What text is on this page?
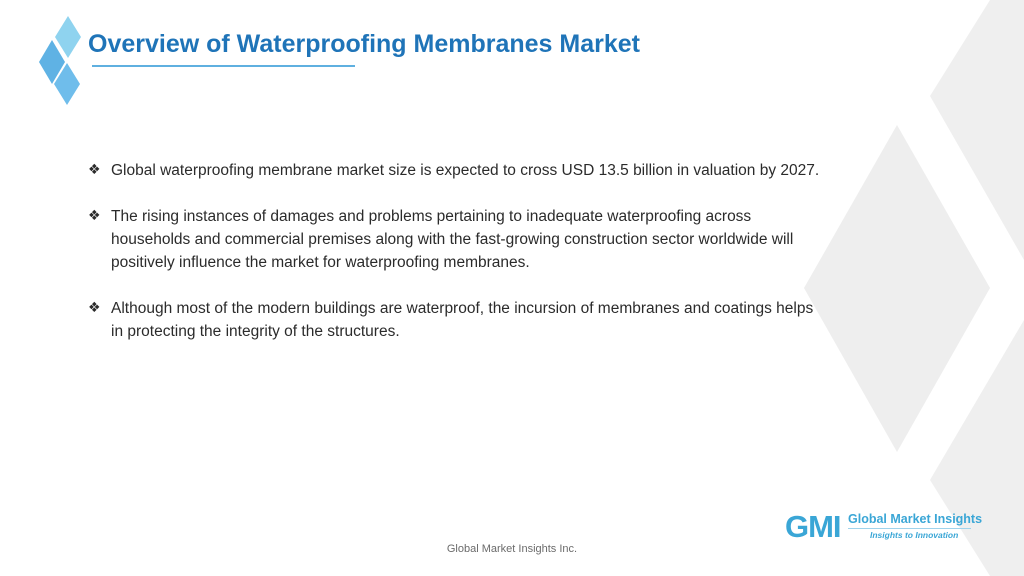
Overview of Waterproofing Membranes Market
❖ Global waterproofing membrane market size is expected to cross USD 13.5 billion in valuation by 2027.
❖ The rising instances of damages and problems pertaining to inadequate waterproofing across households and commercial premises along with the fast-growing construction sector worldwide will positively influence the market for waterproofing membranes.
❖ Although most of the modern buildings are waterproof, the incursion of membranes and coatings helps in protecting the integrity of the structures.
GMI Global Market Insights
Insights to Innovation
Global Market Insights Inc.
